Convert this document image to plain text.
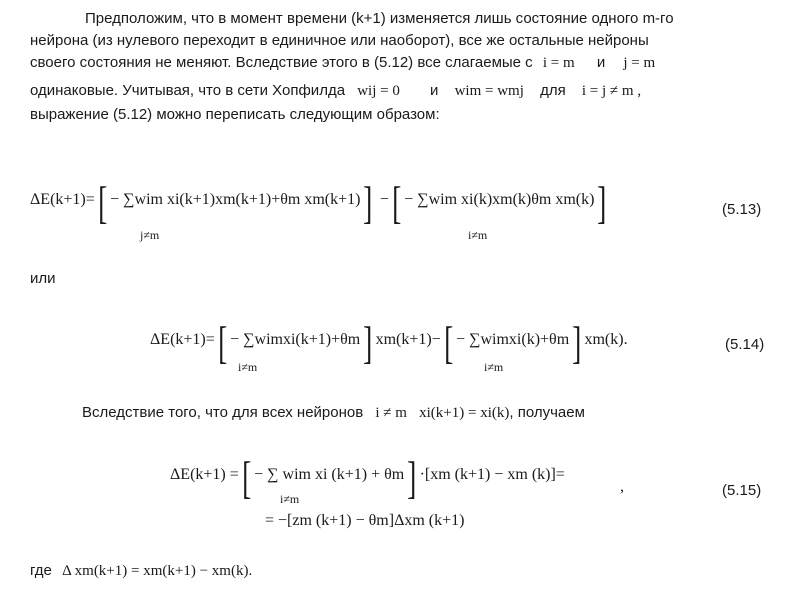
Предположим, что в момент времени (k+1) изменяется лишь состояние одного m-го

нейрона (из нулевого переходит в единичное или наоборот), все же остальные нейроны

своего состояния не меняют. Вследствие этого в (5.12) все слагаемые с i = m и j = m

одинаковые. Учитывая, что в сети Хопфилда wij = 0 и wim = wmj для i = j ≠ m ,

выражение (5.12) можно переписать следующим образом:

ΔE(k+1)=[ − ∑wim xi(k+1)xm(k+1)+θm xm(k+1)] −[ − ∑wim xi(k)xm(k)θm xm(k)]
j≠m	i≠m
(5.13)
или
ΔE(k+1)=[ − ∑wimxi(k+1)+θm] xm(k+1)−[ − ∑wimxi(k)+θm] xm(k).
i≠m	i≠m
(5.14)
Вследствие того, что для всех нейронов i ≠ m xi(k+1) = xi(k), получаем
ΔE(k+1) =[ − ∑ wim xi (k+1) + θm] ·[xm (k+1) − xm (k)]=
i≠m
,
= −[zm (k+1) − θm]Δxm (k+1)
(5.15)
где Δ xm(k+1) = xm(k+1) − xm(k).
